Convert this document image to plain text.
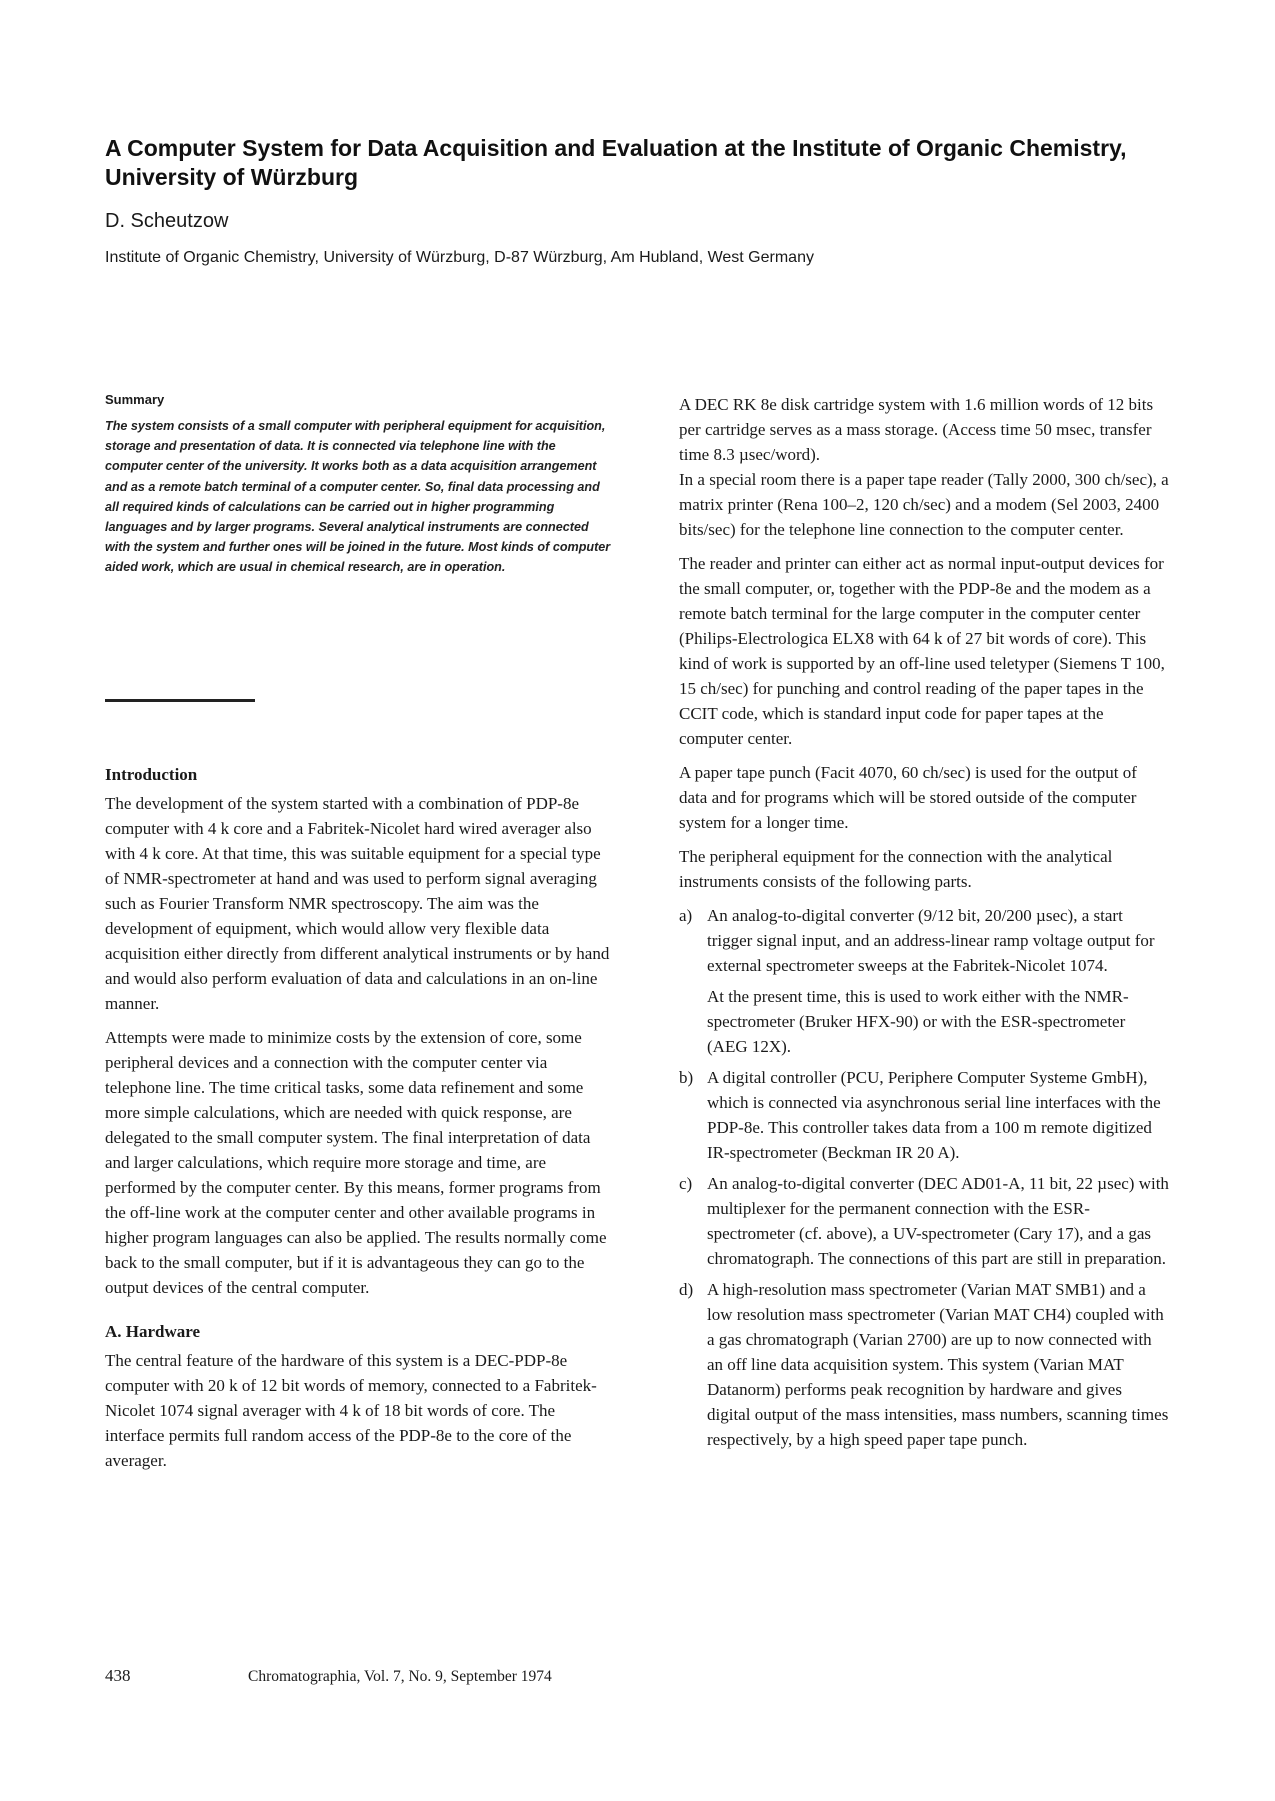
A Computer System for Data Acquisition and Evaluation at the Institute of Organic Chemistry, University of Würzburg

D. Scheutzow

Institute of Organic Chemistry, University of Würzburg, D-87 Würzburg, Am Hubland, West Germany

Summary

The system consists of a small computer with peripheral equipment for acquisition, storage and presentation of data. It is connected via telephone line with the computer center of the university. It works both as a data acquisition arrangement and as a remote batch terminal of a computer center. So, final data processing and all required kinds of calculations can be carried out in higher programming languages and by larger programs. Several analytical instruments are connected with the system and further ones will be joined in the future. Most kinds of computer aided work, which are usual in chemical research, are in operation.

Introduction

The development of the system started with a combination of PDP-8e computer with 4 k core and a Fabritek-Nicolet hard wired averager also with 4 k core. At that time, this was suitable equipment for a special type of NMR-spectrometer at hand and was used to perform signal averaging such as Fourier Transform NMR spectroscopy. The aim was the development of equipment, which would allow very flexible data acquisition either directly from different analytical instruments or by hand and would also perform evaluation of data and calculations in an on-line manner.

Attempts were made to minimize costs by the extension of core, some peripheral devices and a connection with the computer center via telephone line. The time critical tasks, some data refinement and some more simple calculations, which are needed with quick response, are delegated to the small computer system. The final interpretation of data and larger calculations, which require more storage and time, are performed by the computer center. By this means, former programs from the off-line work at the computer center and other available programs in higher program languages can also be applied. The results normally come back to the small computer, but if it is advantageous they can go to the output devices of the central computer.

A. Hardware

The central feature of the hardware of this system is a DEC-PDP-8e computer with 20 k of 12 bit words of memory, connected to a Fabritek-Nicolet 1074 signal averager with 4 k of 18 bit words of core. The interface permits full random access of the PDP-8e to the core of the averager.

A DEC RK 8e disk cartridge system with 1.6 million words of 12 bits per cartridge serves as a mass storage. (Access time 50 msec, transfer time 8.3 µsec/word).

In a special room there is a paper tape reader (Tally 2000, 300 ch/sec), a matrix printer (Rena 100–2, 120 ch/sec) and a modem (Sel 2003, 2400 bits/sec) for the telephone line connection to the computer center.

The reader and printer can either act as normal input-output devices for the small computer, or, together with the PDP-8e and the modem as a remote batch terminal for the large computer in the computer center (Philips-Electrologica ELX8 with 64 k of 27 bit words of core). This kind of work is supported by an off-line used teletyper (Siemens T 100, 15 ch/sec) for punching and control reading of the paper tapes in the CCIT code, which is standard input code for paper tapes at the computer center.

A paper tape punch (Facit 4070, 60 ch/sec) is used for the output of data and for programs which will be stored outside of the computer system for a longer time.

The peripheral equipment for the connection with the analytical instruments consists of the following parts.

a) An analog-to-digital converter (9/12 bit, 20/200 µsec), a start trigger signal input, and an address-linear ramp voltage output for external spectrometer sweeps at the Fabritek-Nicolet 1074.

At the present time, this is used to work either with the NMR-spectrometer (Bruker HFX-90) or with the ESR-spectrometer (AEG 12X).

b) A digital controller (PCU, Periphere Computer Systeme GmbH), which is connected via asynchronous serial line interfaces with the PDP-8e. This controller takes data from a 100 m remote digitized IR-spectrometer (Beckman IR 20 A).

c) An analog-to-digital converter (DEC AD01-A, 11 bit, 22 µsec) with multiplexer for the permanent connection with the ESR-spectrometer (cf. above), a UV-spectrometer (Cary 17), and a gas chromatograph. The connections of this part are still in preparation.

d) A high-resolution mass spectrometer (Varian MAT SMB1) and a low resolution mass spectrometer (Varian MAT CH4) coupled with a gas chromatograph (Varian 2700) are up to now connected with an off line data acquisition system. This system (Varian MAT Datanorm) performs peak recognition by hardware and gives digital output of the mass intensities, mass numbers, scanning times respectively, by a high speed paper tape punch.

438	Chromatographia, Vol. 7, No. 9, September 1974
